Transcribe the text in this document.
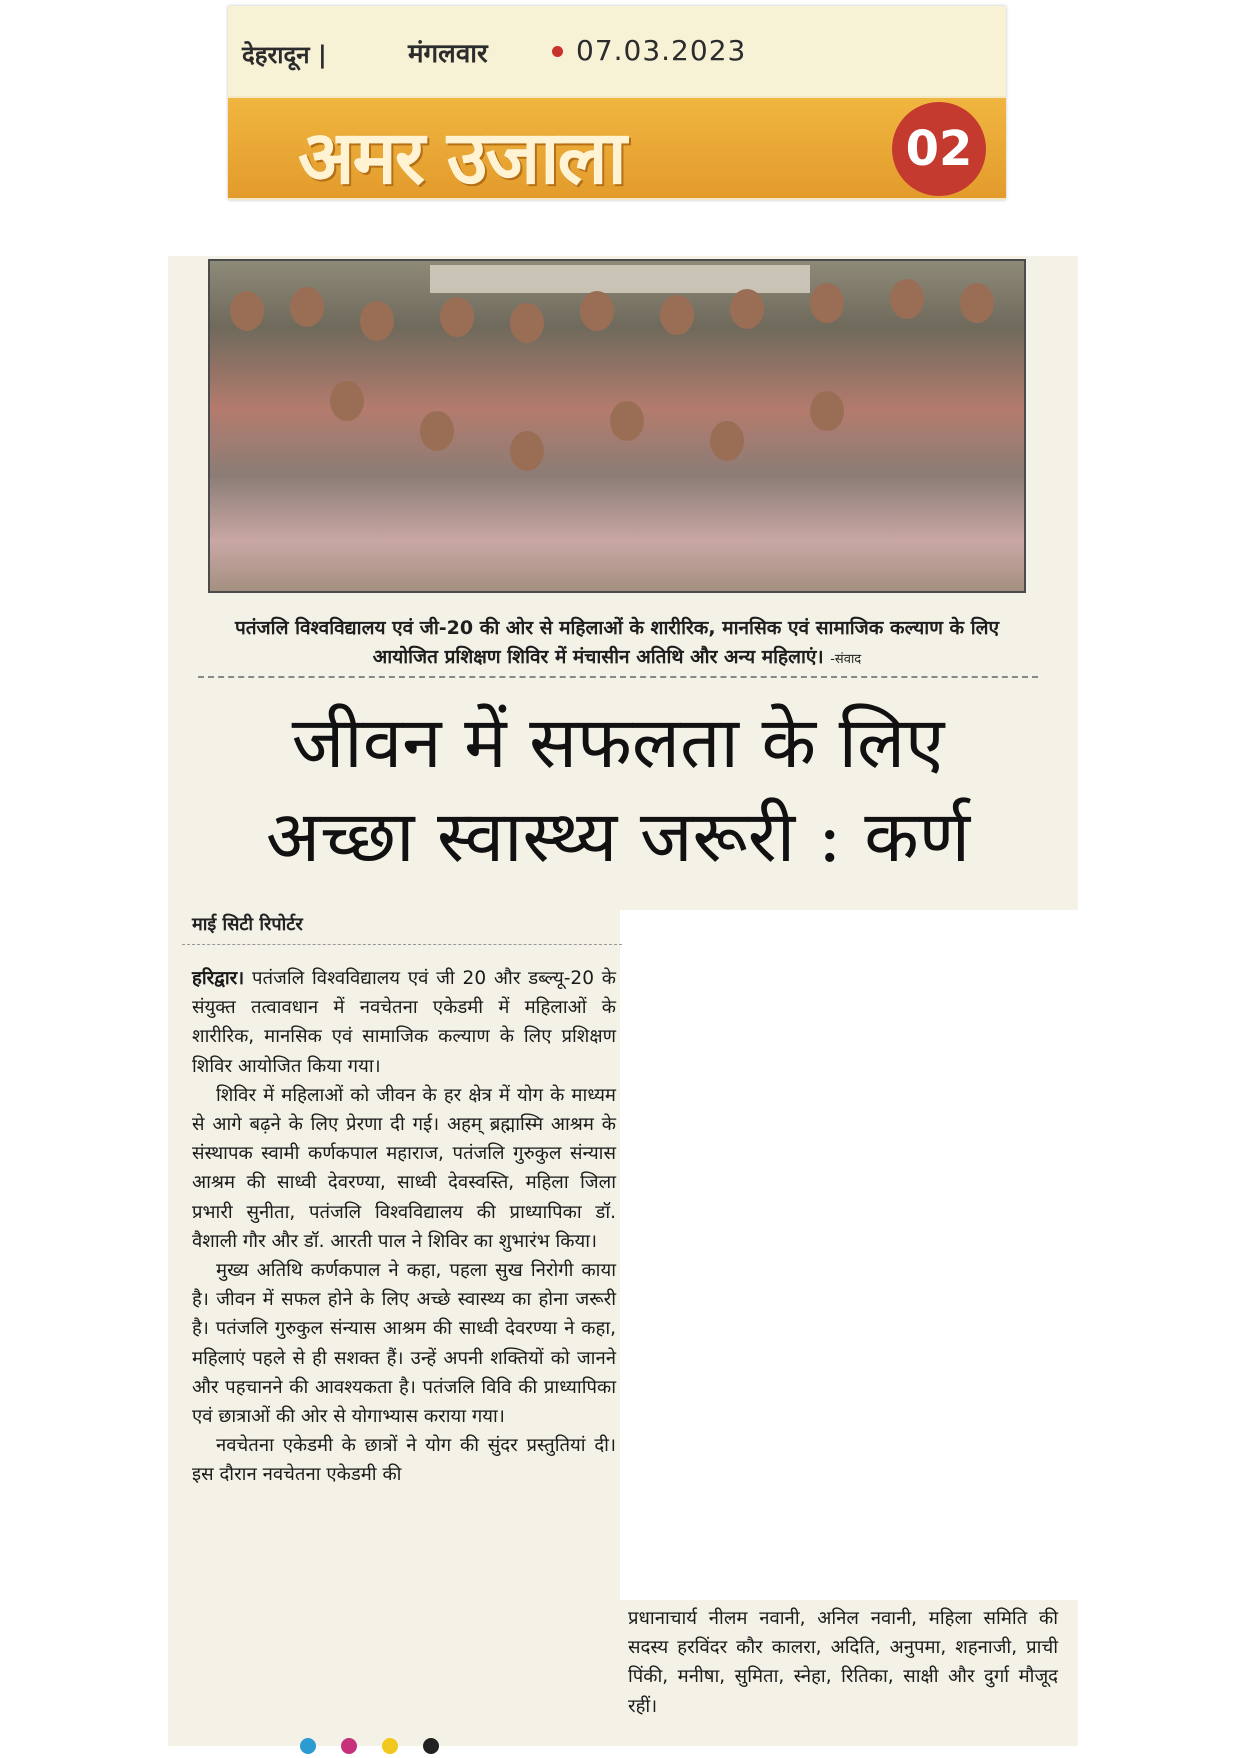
देहरादून |	मंगलवार	07.03.2023
अमर उजाला	02
पतंजलि विश्वविद्यालय एवं जी-20 की ओर से महिलाओं के शारीरिक, मानसिक एवं सामाजिक कल्याण के लिए आयोजित प्रशिक्षण शिविर में मंचासीन अतिथि और अन्य महिलाएं। -संवाद
जीवन में सफलता के लिए
अच्छा स्वास्थ्य जरूरी : कर्ण
माई सिटी रिपोर्टर

हरिद्वार। पतंजलि विश्वविद्यालय एवं जी 20 और डब्ल्यू-20 के संयुक्त तत्वावधान में नवचेतना एकेडमी में महिलाओं के शारीरिक, मानसिक एवं सामाजिक कल्याण के लिए प्रशिक्षण शिविर आयोजित किया गया।

शिविर में महिलाओं को जीवन के हर क्षेत्र में योग के माध्यम से आगे बढ़ने के लिए प्रेरणा दी गई। अहम् ब्रह्मास्मि आश्रम के संस्थापक स्वामी कर्णकपाल महाराज, पतंजलि गुरुकुल संन्यास आश्रम की साध्वी देवरण्या, साध्वी देवस्वस्ति, महिला जिला प्रभारी सुनीता, पतंजलि विश्वविद्यालय की प्राध्यापिका डॉ. वैशाली गौर और डॉ. आरती पाल ने शिविर का शुभारंभ किया।

मुख्य अतिथि कर्णकपाल ने कहा, पहला सुख निरोगी काया है। जीवन में सफल होने के लिए अच्छे स्वास्थ्य का होना जरूरी है। पतंजलि गुरुकुल संन्यास आश्रम की साध्वी देवरण्या ने कहा, महिलाएं पहले से ही सशक्त हैं। उन्हें अपनी शक्तियों को जानने और पहचानने की आवश्यकता है। पतंजलि विवि की प्राध्यापिका एवं छात्राओं की ओर से योगाभ्यास कराया गया।

नवचेतना एकेडमी के छात्रों ने योग की सुंदर प्रस्तुतियां दी। इस दौरान नवचेतना एकेडमी की

प्रधानाचार्य नीलम नवानी, अनिल नवानी, महिला समिति की सदस्य हरविंदर कौर कालरा, अदिति, अनुपमा, शहनाजी, प्राची पिंकी, मनीषा, सुमिता, स्नेहा, रितिका, साक्षी और दुर्गा मौजूद रहीं।
